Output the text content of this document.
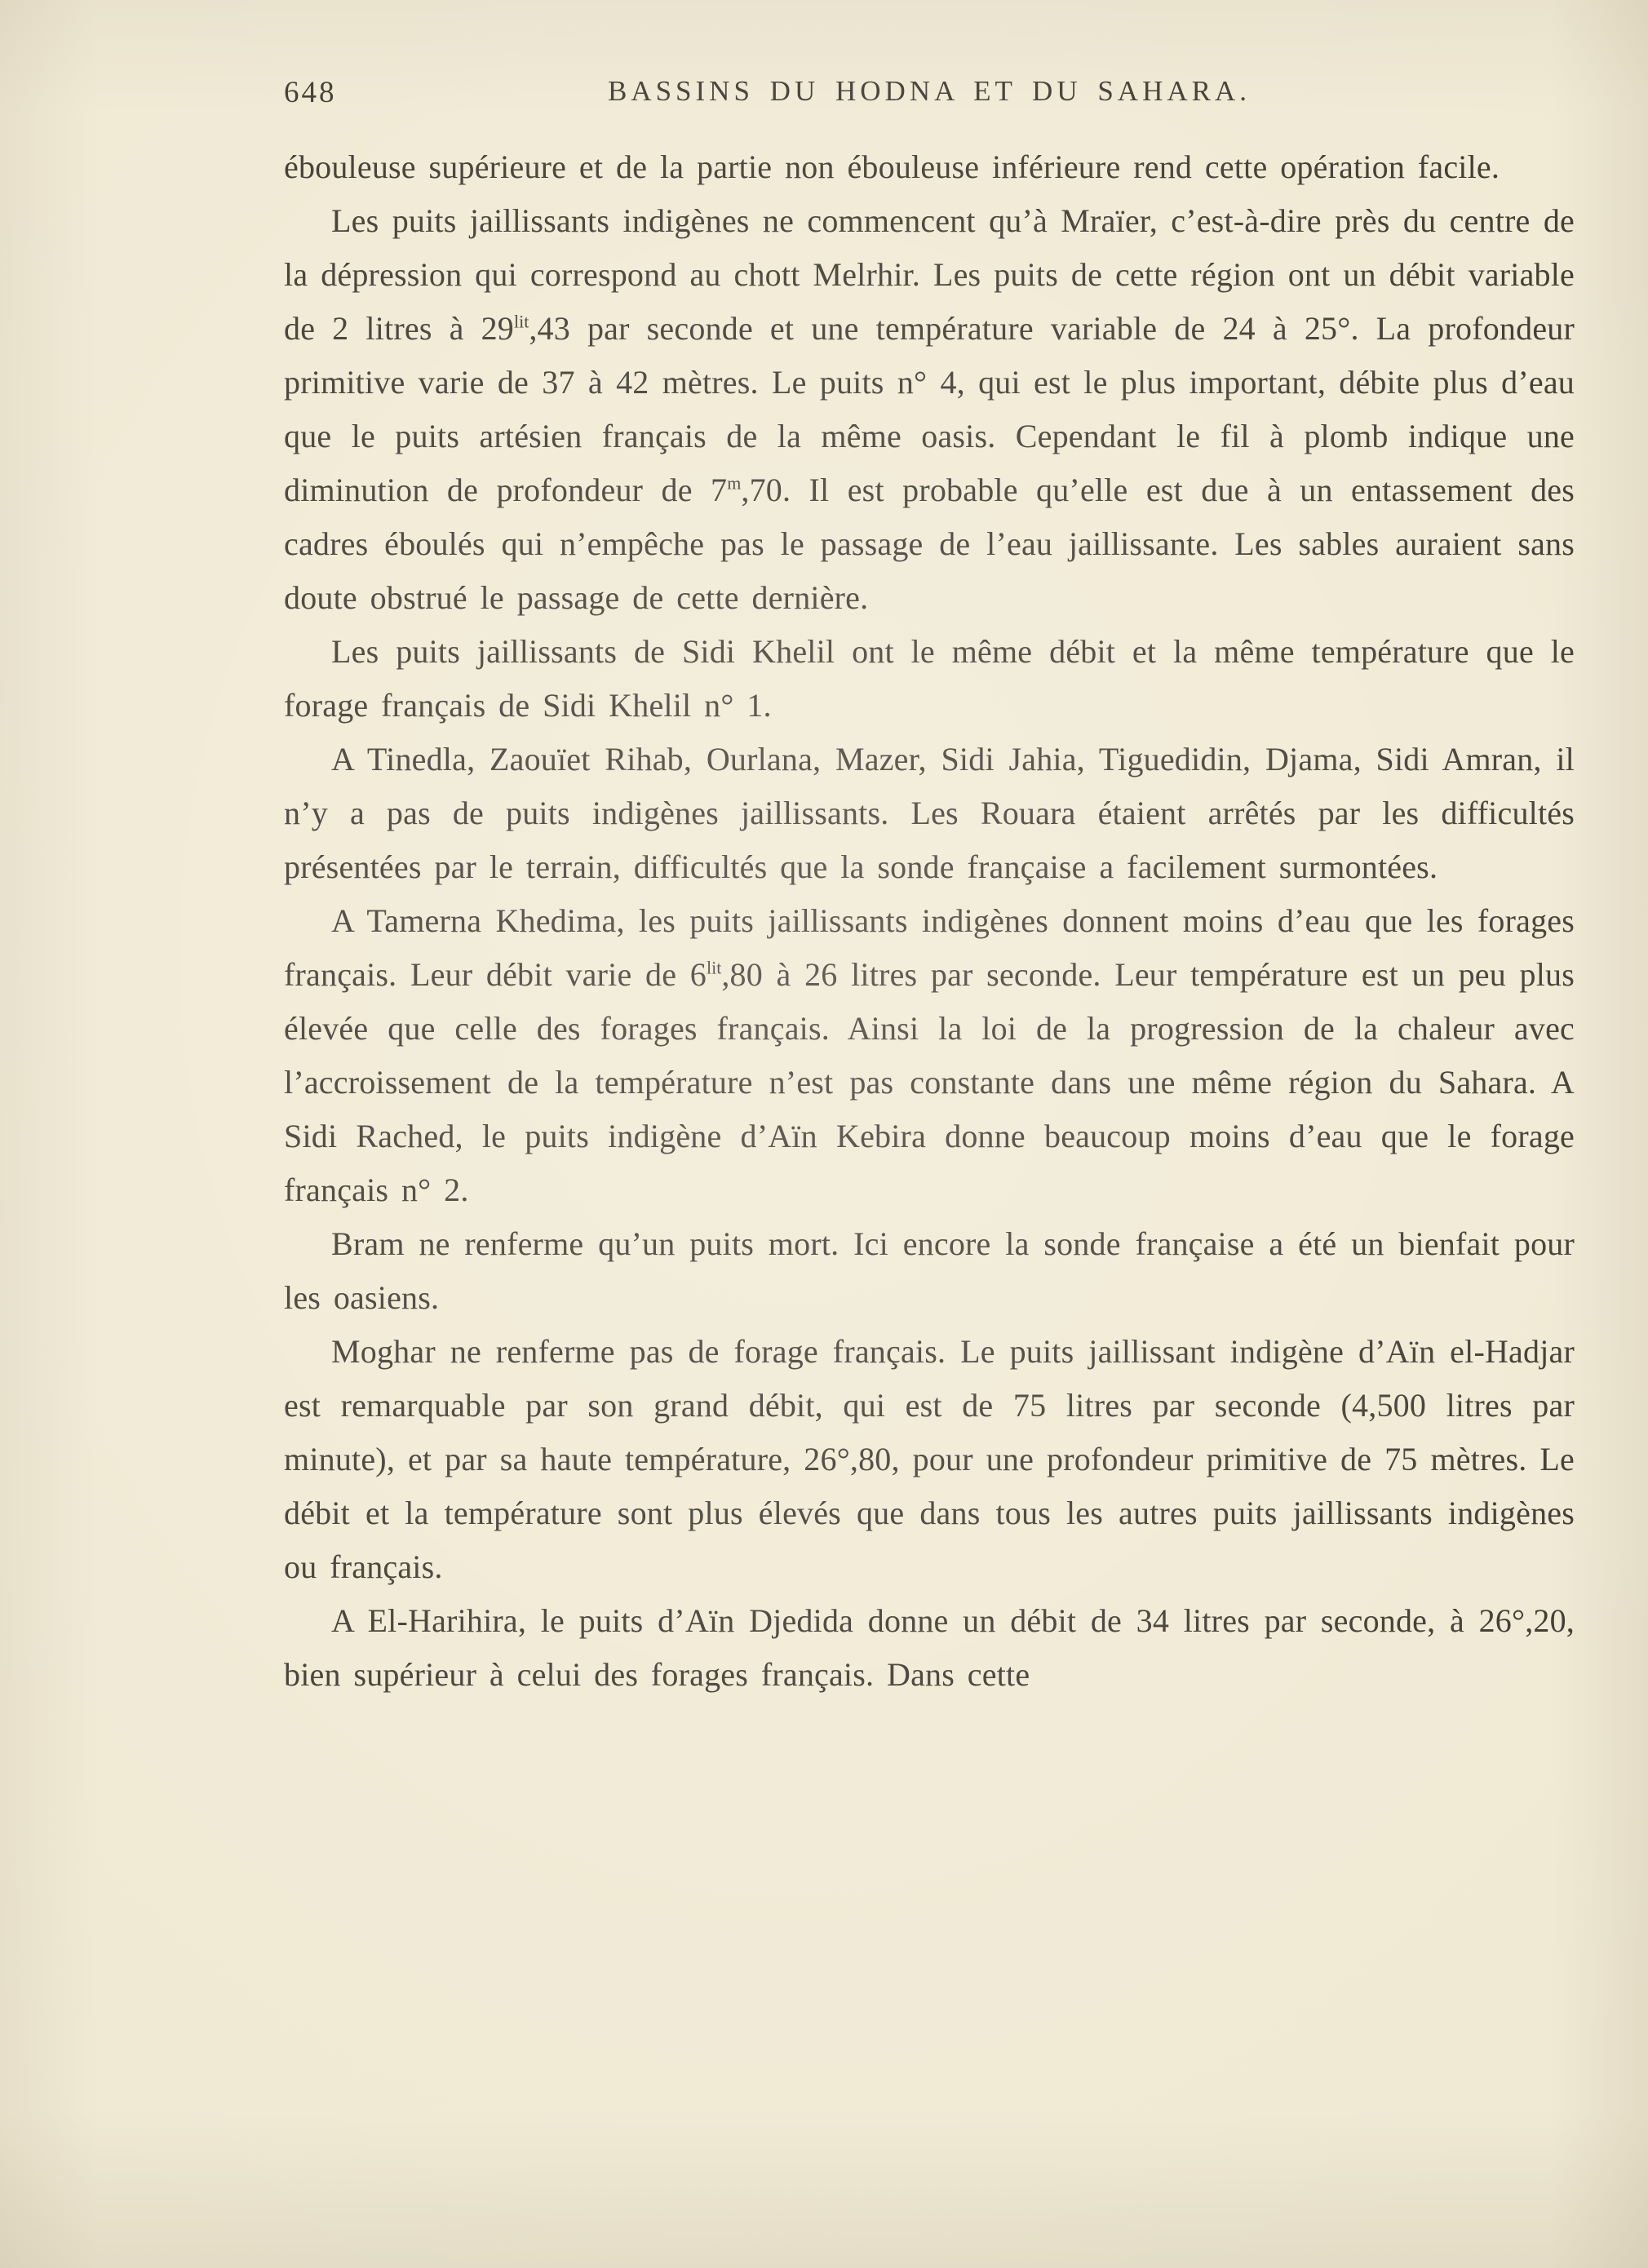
648	BASSINS DU HODNA ET DU SAHARA.

ébouleuse supérieure et de la partie non ébouleuse inférieure rend cette opération facile.

Les puits jaillissants indigènes ne commencent qu’à Mraïer, c’est-à-dire près du centre de la dépression qui correspond au chott Melrhir. Les puits de cette région ont un débit variable de 2 litres à $29^{lit},43$ par seconde et une température variable de 24 à 25°. La profondeur primitive varie de 37 à 42 mètres. Le puits n° 4, qui est le plus important, débite plus d’eau que le puits artésien français de la même oasis. Cependant le fil à plomb indique une diminution de profondeur de 7$^m$,70. Il est probable qu’elle est due à un entassement des cadres éboulés qui n’empêche pas le passage de l’eau jaillissante. Les sables auraient sans doute obstrué le passage de cette dernière.

Les puits jaillissants de Sidi Khelil ont le même débit et la même température que le forage français de Sidi Khelil n° 1.

A Tinedla, Zaouïet Rihab, Ourlana, Mazer, Sidi Jahia, Tiguedidin, Djama, Sidi Amran, il n’y a pas de puits indigènes jaillissants. Les Rouara étaient arrêtés par les difficultés présentées par le terrain, difficultés que la sonde française a facilement surmontées.

A Tamerna Khedima, les puits jaillissants indigènes donnent moins d’eau que les forages français. Leur débit varie de $6^{lit},80$ à 26 litres par seconde. Leur température est un peu plus élevée que celle des forages français. Ainsi la loi de la progression de la chaleur avec l’accroissement de la température n’est pas constante dans une même région du Sahara. A Sidi Rached, le puits indigène d’Aïn Kebira donne beaucoup moins d’eau que le forage français n° 2.

Bram ne renferme qu’un puits mort. Ici encore la sonde française a été un bienfait pour les oasiens.

Moghar ne renferme pas de forage français. Le puits jaillissant indigène d’Aïn el-Hadjar est remarquable par son grand débit, qui est de 75 litres par seconde (4,500 litres par minute), et par sa haute température, 26°,80, pour une profondeur primitive de 75 mètres. Le débit et la température sont plus élevés que dans tous les autres puits jaillissants indigènes ou français.

A El-Harihira, le puits d’Aïn Djedida donne un débit de 34 litres par seconde, à 26°,20, bien supérieur à celui des forages français. Dans cette
